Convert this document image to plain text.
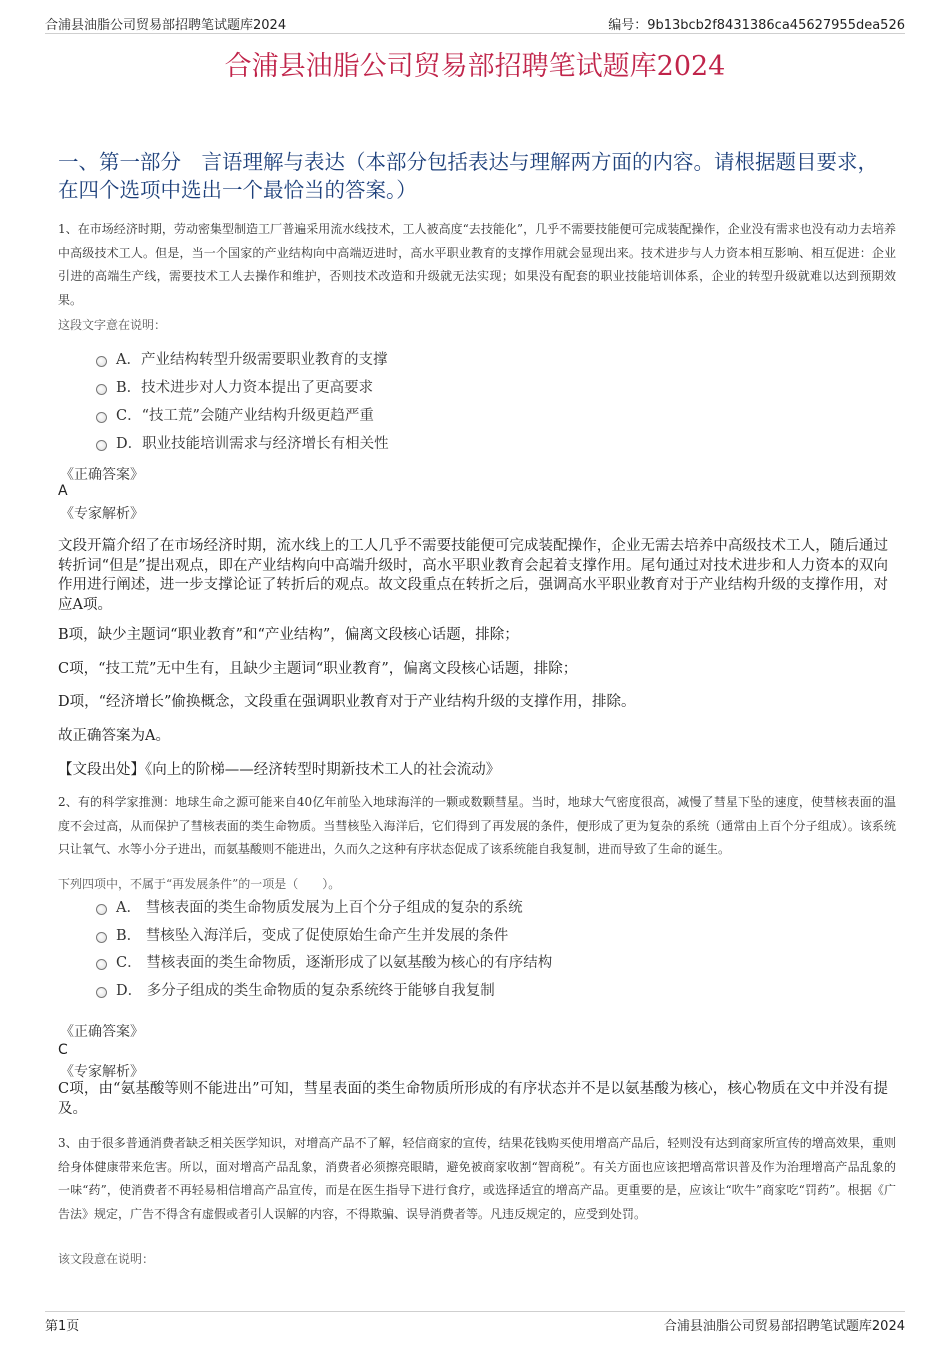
合浦县油脂公司贸易部招聘笔试题库2024	编号：9b13bcb2f8431386ca45627955dea526
合浦县油脂公司贸易部招聘笔试题库2024
一、第一部分　言语理解与表达（本部分包括表达与理解两方面的内容。请根据题目要求，在四个选项中选出一个最恰当的答案。）
1、在市场经济时期，劳动密集型制造工厂普遍采用流水线技术，工人被高度“去技能化”，几乎不需要技能便可完成装配操作，企业没有需求也没有动力去培养中高级技术工人。但是，当一个国家的产业结构向中高端迈进时，高水平职业教育的支撑作用就会显现出来。技术进步与人力资本相互影响、相互促进：企业引进的高端生产线，需要技术工人去操作和维护，否则技术改造和升级就无法实现；如果没有配套的职业技能培训体系，企业的转型升级就难以达到预期效果。
这段文字意在说明：
A．产业结构转型升级需要职业教育的支撑
B．技术进步对人力资本提出了更高要求
C．“技工荒”会随产业结构升级更趋严重
D．职业技能培训需求与经济增长有相关性
《正确答案》
A
《专家解析》
文段开篇介绍了在市场经济时期，流水线上的工人几乎不需要技能便可完成装配操作，企业无需去培养中高级技术工人，随后通过转折词“但是”提出观点，即在产业结构向中高端升级时，高水平职业教育会起着支撑作用。尾句通过对技术进步和人力资本的双向作用进行阐述，进一步支撑论证了转折后的观点。故文段重点在转折之后，强调高水平职业教育对于产业结构升级的支撑作用，对应A项。
B项，缺少主题词“职业教育”和“产业结构”，偏离文段核心话题，排除；
C项，“技工荒”无中生有，且缺少主题词“职业教育”，偏离文段核心话题，排除；
D项，“经济增长”偷换概念，文段重在强调职业教育对于产业结构升级的支撑作用，排除。
故正确答案为A。
【文段出处】《向上的阶梯——经济转型时期新技术工人的社会流动》
2、有的科学家推测：地球生命之源可能来自40亿年前坠入地球海洋的一颗或数颗彗星。当时，地球大气密度很高，减慢了彗星下坠的速度，使彗核表面的温度不会过高，从而保护了彗核表面的类生命物质。当彗核坠入海洋后，它们得到了再发展的条件，便形成了更为复杂的系统（通常由上百个分子组成）。该系统只让氧气、水等小分子进出，而氨基酸则不能进出，久而久之这种有序状态促成了该系统能自我复制，进而导致了生命的诞生。
下列四项中，不属于“再发展条件”的一项是（　　）。
A． 彗核表面的类生命物质发展为上百个分子组成的复杂的系统
B． 彗核坠入海洋后，变成了促使原始生命产生并发展的条件
C． 彗核表面的类生命物质，逐渐形成了以氨基酸为核心的有序结构
D． 多分子组成的类生命物质的复杂系统终于能够自我复制
《正确答案》
C
《专家解析》
C项，由“氨基酸等则不能进出”可知，彗星表面的类生命物质所形成的有序状态并不是以氨基酸为核心，核心物质在文中并没有提及。
3、由于很多普通消费者缺乏相关医学知识，对增高产品不了解，轻信商家的宣传，结果花钱购买使用增高产品后，轻则没有达到商家所宣传的增高效果，重则给身体健康带来危害。所以，面对增高产品乱象，消费者必须擦亮眼睛，避免被商家收割“智商税”。有关方面也应该把增高常识普及作为治理增高产品乱象的一味“药”，使消费者不再轻易相信增高产品宣传，而是在医生指导下进行食疗，或选择适宜的增高产品。更重要的是，应该让“吹牛”商家吃“罚药”。根据《广告法》规定，广告不得含有虚假或者引人误解的内容，不得欺骗、误导消费者等。凡违反规定的，应受到处罚。
该文段意在说明：
第1页	合浦县油脂公司贸易部招聘笔试题库2024
